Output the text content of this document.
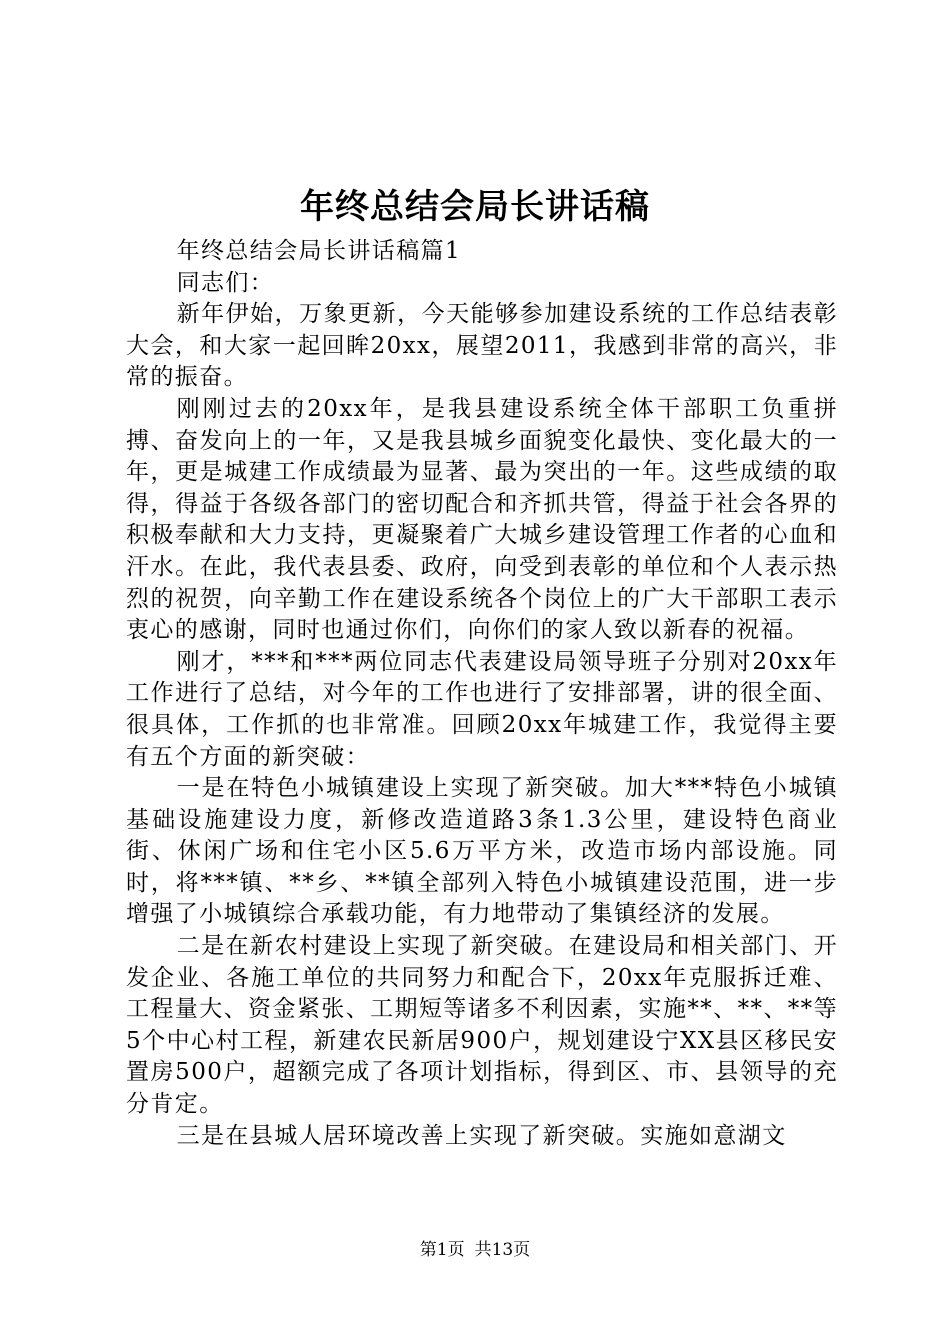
年终总结会局长讲话稿

年终总结会局长讲话稿篇1

同志们：

新年伊始，万象更新，今天能够参加建设系统的工作总结表彰大会，和大家一起回眸20xx，展望2011，我感到非常的高兴，非常的振奋。

刚刚过去的20xx年，是我县建设系统全体干部职工负重拼搏、奋发向上的一年，又是我县城乡面貌变化最快、变化最大的一年，更是城建工作成绩最为显著、最为突出的一年。这些成绩的取得，得益于各级各部门的密切配合和齐抓共管，得益于社会各界的积极奉献和大力支持，更凝聚着广大城乡建设管理工作者的心血和汗水。在此，我代表县委、政府，向受到表彰的单位和个人表示热烈的祝贺，向辛勤工作在建设系统各个岗位上的广大干部职工表示衷心的感谢，同时也通过你们，向你们的家人致以新春的祝福。

刚才，***和***两位同志代表建设局领导班子分别对20xx年工作进行了总结，对今年的工作也进行了安排部署，讲的很全面、很具体，工作抓的也非常准。回顾20xx年城建工作，我觉得主要有五个方面的新突破：

一是在特色小城镇建设上实现了新突破。加大***特色小城镇基础设施建设力度，新修改造道路3条1.3公里，建设特色商业街、休闲广场和住宅小区5.6万平方米，改造市场内部设施。同时，将***镇、**乡、**镇全部列入特色小城镇建设范围，进一步增强了小城镇综合承载功能，有力地带动了集镇经济的发展。

二是在新农村建设上实现了新突破。在建设局和相关部门、开发企业、各施工单位的共同努力和配合下，20xx年克服拆迁难、工程量大、资金紧张、工期短等诸多不利因素，实施**、**、**等5个中心村工程，新建农民新居900户，规划建设宁XX县区移民安置房500户，超额完成了各项计划指标，得到区、市、县领导的充分肯定。

三是在县城人居环境改善上实现了新突破。实施如意湖文

第1页 共13页
